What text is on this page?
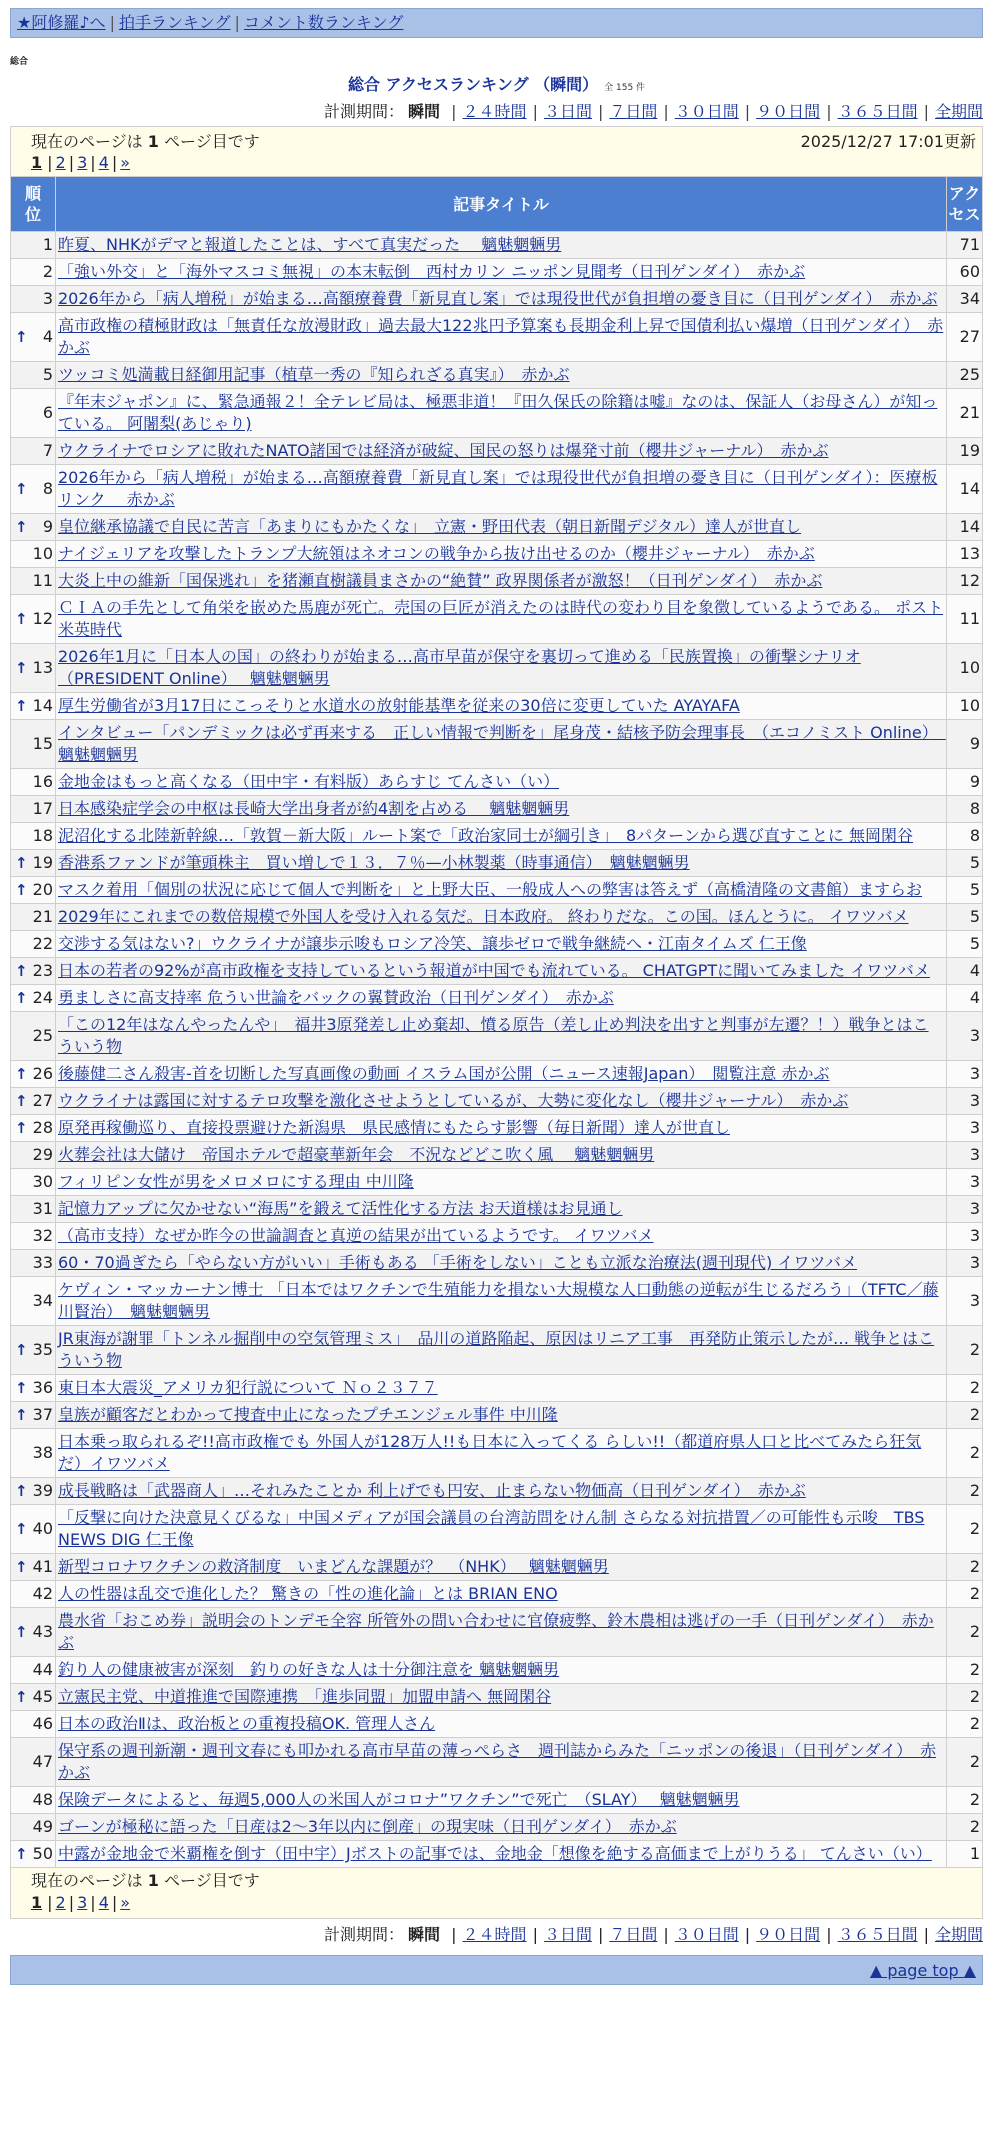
★阿修羅♪へ | 拍手ランキング | コメント数ランキング
総合
総合 アクセスランキング （瞬間） 全 155 件
計測期間： 瞬間 | ２４時間 | ３日間 | ７日間 | ３０日間 | ９０日間 | ３６５日間 | 全期間
現在のページは 1 ページ目です	2025/12/27 17:01更新
1 | 2 | 3 | 4 | »
順位	記事タイトル	アクセス
1	昨夏、NHKがデマと報道したことは、すべて真実だった　 魑魅魍魎男	71
2	「強い外交」と「海外マスコミ無視」の本末転倒　西村カリン ニッポン見聞考（日刊ゲンダイ）　赤かぶ	60
3	2026年から「病人増税」が始まる…高額療養費「新見直し案」では現役世代が負担増の憂き目に（日刊ゲンダイ）　赤かぶ	34

↑ 4	高市政権の積極財政は「無責任な放漫財政」過去最大122兆円予算案も長期金利上昇で国債利払い爆増（日刊ゲンダイ）　赤かぶ	27
5	ツッコミ処満載日経御用記事（植草一秀の『知られざる真実』）　赤かぶ	25
6	『年末ジャポン』に、緊急通報２！全テレビ局は、極悪非道！『田久保氏の除籍は嘘』なのは、保証人（お母さん）が知っている。 阿闍梨(あじゃり)	21
7	ウクライナでロシアに敗れたNATO諸国では経済が破綻、国民の怒りは爆発寸前（櫻井ジャーナル）　赤かぶ	19

↑ 8	2026年から「病人増税」が始まる…高額療養費「新見直し案」では現役世代が負担増の憂き目に（日刊ゲンダイ）：医療板リンク　 赤かぶ	14

↑ 9	皇位継承協議で自民に苦言「あまりにもかたくな」　立憲・野田代表（朝日新聞デジタル）達人が世直し	14
10	ナイジェリアを攻撃したトランプ大統領はネオコンの戦争から抜け出せるのか（櫻井ジャーナル）　赤かぶ	13
11	大炎上中の維新「国保逃れ」を猪瀬直樹議員まさかの“絶賛” 政界関係者が激怒！（日刊ゲンダイ）　赤かぶ	12

↑ 12	ＣＩＡの手先として角栄を嵌めた馬鹿が死亡。売国の巨匠が消えたのは時代の変わり目を象徴しているようである。 ポスト米英時代	11

↑ 13	2026年1月に「日本人の国」の終わりが始まる…高市早苗が保守を裏切って進める「民族置換」の衝撃シナリオ （PRESIDENT Online）　 魑魅魍魎男	10

↑ 14	厚生労働省が3月17日にこっそりと水道水の放射能基準を従来の30倍に変更していた AYAYAFA	10
15	インタビュー「パンデミックは必ず再来する　正しい情報で判断を」尾身茂・結核予防会理事長　（エコノミスト Online）　魑魅魍魎男	9
16	金地金はもっと高くなる（田中宇・有料版）あらすじ てんさい（い）	9
17	日本感染症学会の中枢は長崎大学出身者が約4割を占める　 魑魅魍魎男	8
18	泥沼化する北陸新幹線…「敦賀－新大阪」ルート案で「政治家同士が綱引き」　8パターンから選び直すことに 無岡閑谷	8

↑ 19	香港系ファンドが筆頭株主　買い増しで１３．７％—小林製薬（時事通信）　魑魅魍魎男	5

↑ 20	マスク着用「個別の状況に応じて個人で判断を」と上野大臣、一般成人への弊害は答えず（高橋清隆の文書館）ますらお	5
21	2029年にこれまでの数倍規模で外国人を受け入れる気だ。日本政府。 終わりだな。この国。ほんとうに。 イワツバメ	5
22	交渉する気はない?」ウクライナが譲歩示唆もロシア冷笑、譲歩ゼロで戦争継続へ・江南タイムズ 仁王像	5

↑ 23	日本の若者の92%が高市政権を支持しているという報道が中国でも流れている。 CHATGPTに聞いてみました イワツバメ	4

↑ 24	勇ましさに高支持率 危うい世論をバックの翼賛政治（日刊ゲンダイ）　赤かぶ	4
25	「この12年はなんやったんや」　福井3原発差し止め棄却、憤る原告（差し止め判決を出すと判事が左遷？！）戦争とはこういう物	3

↑ 26	後藤健二さん殺害-首を切断した写真画像の動画 イスラム国が公開（ニュース速報Japan）　閲覧注意 赤かぶ	3

↑ 27	ウクライナは露国に対するテロ攻撃を激化させようとしているが、大勢に変化なし（櫻井ジャーナル）　赤かぶ	3

↑ 28	原発再稼働巡り、直接投票避けた新潟県　県民感情にもたらす影響（毎日新聞）達人が世直し	3
29	火葬会社は大儲け　帝国ホテルで超豪華新年会　不況などどこ吹く風　 魑魅魍魎男	3
30	フィリピン女性が男をメロメロにする理由 中川隆	3
31	記憶力アップに欠かせない“海馬”を鍛えて活性化する方法 お天道様はお見通し	3
32	（高市支持）なぜか昨今の世論調査と真逆の結果が出ているようです。 イワツバメ	3
33	60・70過ぎたら「やらない方がいい」手術もある 「手術をしない」ことも立派な治療法(週刊現代) イワツバメ	3
34	ケヴィン・マッカーナン博士 「日本ではワクチンで生殖能力を損ない大規模な人口動態の逆転が生じるだろう」（TFTC／藤川賢治）　魑魅魍魎男	3

↑ 35	JR東海が謝罪「トンネル掘削中の空気管理ミス」　品川の道路陥起、原因はリニア工事　再発防止策示したが… 戦争とはこういう物	2

↑ 36	東日本大震災_アメリカ犯行説について Ｎｏ２３７７	2

↑ 37	皇族が顧客だとわかって捜査中止になったプチエンジェル事件 中川隆	2
38	日本乗っ取られるぞ!!高市政権でも 外国人が128万人!!も日本に入ってくる らしい!!（都道府県人口と比べてみたら狂気だ）イワツバメ	2

↑ 39	成長戦略は「武器商人」…それみたことか 利上げでも円安、止まらない物価高（日刊ゲンダイ）　赤かぶ	2

↑ 40	「反撃に向けた決意見くびるな」中国メディアが国会議員の台湾訪問をけん制 さらなる対抗措置／の可能性も示唆　TBS NEWS DIG 仁王像	2

↑ 41	新型コロナワクチンの救済制度　いまどんな課題が？　（NHK）　 魑魅魍魎男	2
42	人の性器は乱交で進化した？ 驚きの「性の進化論」とは BRIAN ENO	2

↑ 43	農水省「おこめ券」説明会のトンデモ全容 所管外の問い合わせに官僚疲弊、鈴木農相は逃げの一手（日刊ゲンダイ）　赤かぶ	2
44	釣り人の健康被害が深刻　釣りの好きな人は十分御注意を 魑魅魍魎男	2

↑ 45	立憲民主党、中道推進で国際連携　「進歩同盟」加盟申請へ 無岡閑谷	2
46	日本の政治Ⅱは、政治板との重複投稿OK. 管理人さん	2
47	保守系の週刊新潮・週刊文春にも叩かれる高市早苗の薄っぺらさ　週刊誌からみた「ニッポンの後退」（日刊ゲンダイ）　赤かぶ	2
48	保険データによると、毎週5,000人の米国人がコロナ”ワクチン”で死亡　（SLAY）　 魑魅魍魎男	2
49	ゴーンが極秘に語った「日産は2〜3年以内に倒産」の現実味（日刊ゲンダイ）　赤かぶ	2

↑ 50	中露が金地金で米覇権を倒す（田中宇）Jボストの記事では、金地金「想像を絶する高価まで上がりうる」 てんさい（い）	1
現在のページは 1 ページ目です
1 | 2 | 3 | 4 | »
計測期間： 瞬間 | ２４時間 | ３日間 | ７日間 | ３０日間 | ９０日間 | ３６５日間 | 全期間
▲ page top ▲
